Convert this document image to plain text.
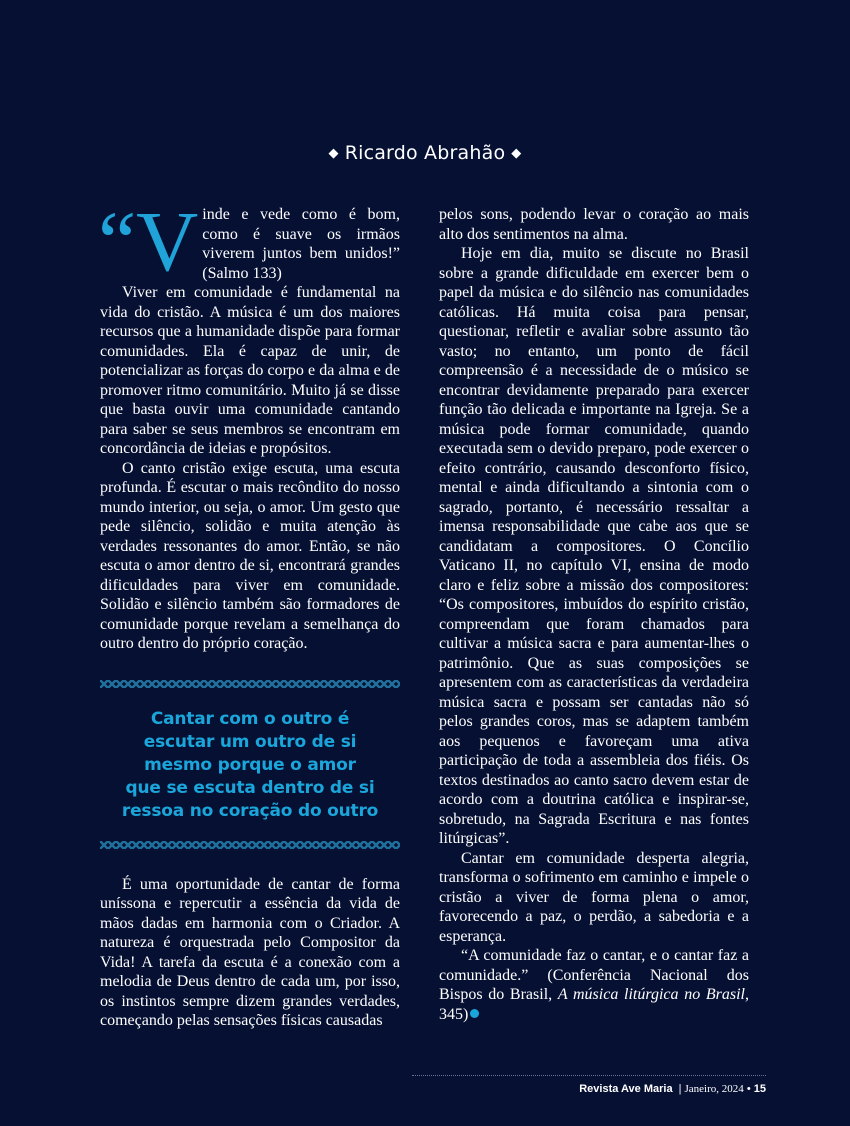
◆ Ricardo Abrahão ◆

“Vinde e vede como é bom, como é suave os irmãos viverem juntos bem unidos!” (Salmo 133)

Viver em comunidade é fundamental na vida do cristão. A música é um dos maiores recursos que a humanidade dispõe para formar comunidades. Ela é capaz de unir, de potencializar as forças do corpo e da alma e de promover ritmo comunitário. Muito já se disse que basta ouvir uma comunidade cantando para saber se seus membros se encontram em concordância de ideias e propósitos.

O canto cristão exige escuta, uma escuta profunda. É escutar o mais recôndito do nosso mundo interior, ou seja, o amor. Um gesto que pede silêncio, solidão e muita atenção às verdades ressonantes do amor. Então, se não escuta o amor dentro de si, encontrará grandes dificuldades para viver em comunidade. Solidão e silêncio também são formadores de comunidade porque revelam a semelhança do outro dentro do próprio coração.

Cantar com o outro é
escutar um outro de si
mesmo porque o amor
que se escuta dentro de si
ressoa no coração do outro

É uma oportunidade de cantar de forma uníssona e repercutir a essência da vida de mãos dadas em harmonia com o Criador. A natureza é orquestrada pelo Compositor da Vida! A tarefa da escuta é a conexão com a melodia de Deus dentro de cada um, por isso, os instintos sempre dizem grandes verdades, começando pelas sensações físicas causadas

pelos sons, podendo levar o coração ao mais alto dos sentimentos na alma.

Hoje em dia, muito se discute no Brasil sobre a grande dificuldade em exercer bem o papel da música e do silêncio nas comunidades católicas. Há muita coisa para pensar, questionar, refletir e avaliar sobre assunto tão vasto; no entanto, um ponto de fácil compreensão é a necessidade de o músico se encontrar devidamente preparado para exercer função tão delicada e importante na Igreja. Se a música pode formar comunidade, quando executada sem o devido preparo, pode exercer o efeito contrário, causando desconforto físico, mental e ainda dificultando a sintonia com o sagrado, portanto, é necessário ressaltar a imensa responsabilidade que cabe aos que se candidatam a compositores. O Concílio Vaticano II, no capítulo VI, ensina de modo claro e feliz sobre a missão dos compositores: “Os compositores, imbuídos do espírito cristão, compreendam que foram chamados para cultivar a música sacra e para aumentar-lhes o patrimônio. Que as suas composições se apresentem com as características da verdadeira música sacra e possam ser cantadas não só pelos grandes coros, mas se adaptem também aos pequenos e favoreçam uma ativa participação de toda a assembleia dos fiéis. Os textos destinados ao canto sacro devem estar de acordo com a doutrina católica e inspirar-se, sobretudo, na Sagrada Escritura e nas fontes litúrgicas”.

Cantar em comunidade desperta alegria, transforma o sofrimento em caminho e impele o cristão a viver de forma plena o amor, favorecendo a paz, o perdão, a sabedoria e a esperança.

“A comunidade faz o cantar, e o cantar faz a comunidade.” (Conferência Nacional dos Bispos do Brasil, A música litúrgica no Brasil, 345)

Revista Ave Maria | Janeiro, 2024 • 15
